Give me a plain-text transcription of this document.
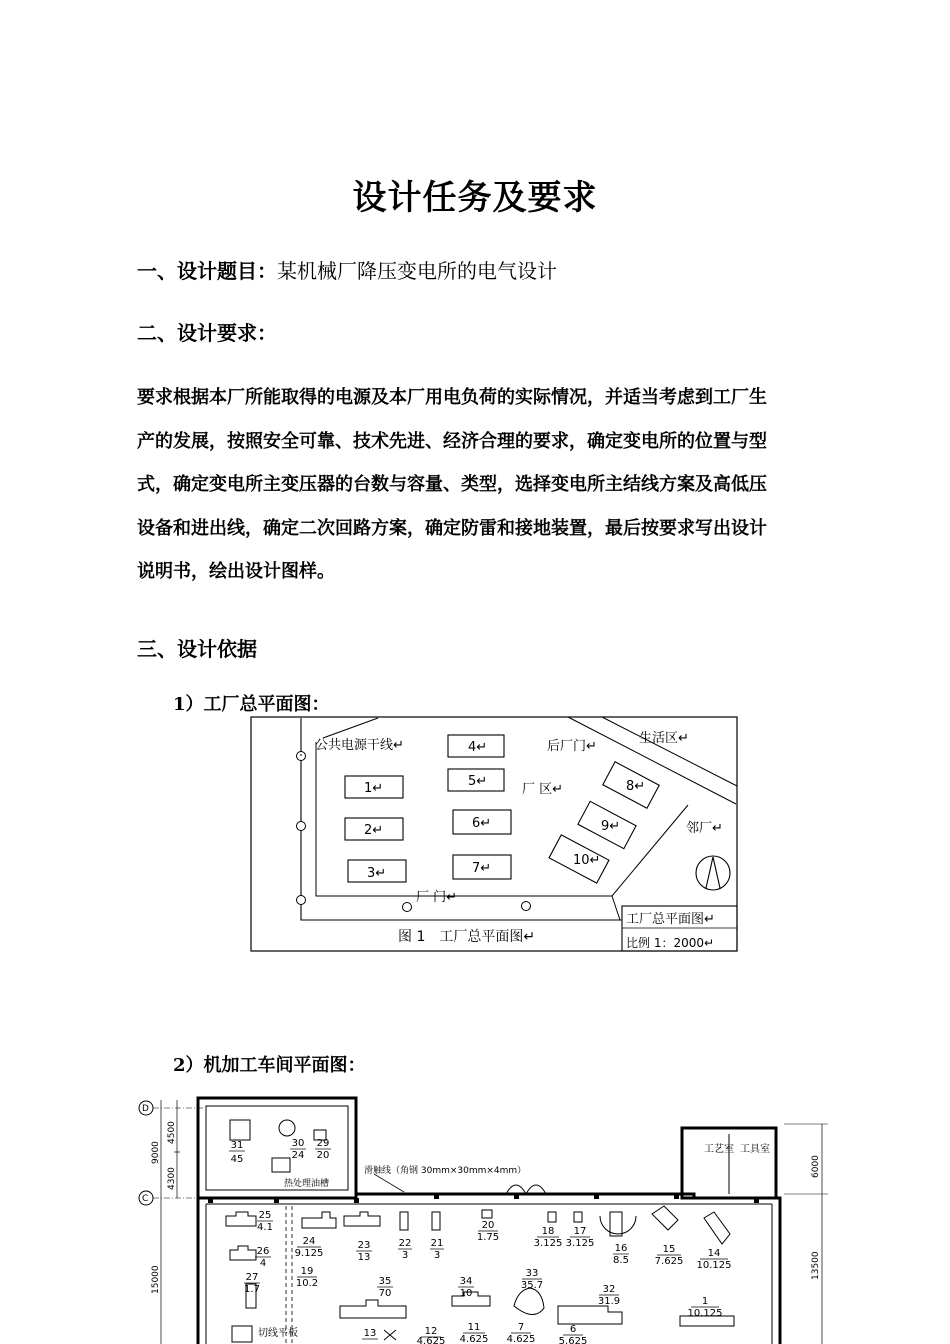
设计任务及要求
一、设计题目：某机械厂降压变电所的电气设计
二、设计要求：
要求根据本厂所能取得的电源及本厂用电负荷的实际情况，并适当考虑到工厂生
产的发展，按照安全可靠、技术先进、经济合理的要求，确定变电所的位置与型
式，确定变电所主变压器的台数与容量、类型，选择变电所主结线方案及高低压
设备和进出线，确定二次回路方案，确定防雷和接地装置，最后按要求写出设计
说明书，绘出设计图样。
三、设计依据
1）工厂总平面图：
公共电源干线↵	后厂门↵
生活区↵
厂 区↵
邻厂↵
厂 门↵
图 1　工厂总平面图↵
工厂总平面图↵
比例 1：2000↵
1↵
2↵
3↵
4↵
5↵
6↵
7↵
8↵
9↵
10↵
2）机加工车间平面图：
D
C
9000
4500
4300
15000
6000
13500
滑触线（角钢 30mm×30mm×4mm）
热处理油槽
工艺室 工具室
切线平板
31
45
30
24
29
20
25
4.1
24
9.125
23
13
22
3
21
3
20
1.75
18
3.125
17
3.125 16
8.5
15
7.625
14
10.125
26
4
27
1.7
19
10.2	35
70
34
10
33
35.7	32
31.9	1
10.125
13	12
4.625
11
4.625
7
4.625
6
5.625
